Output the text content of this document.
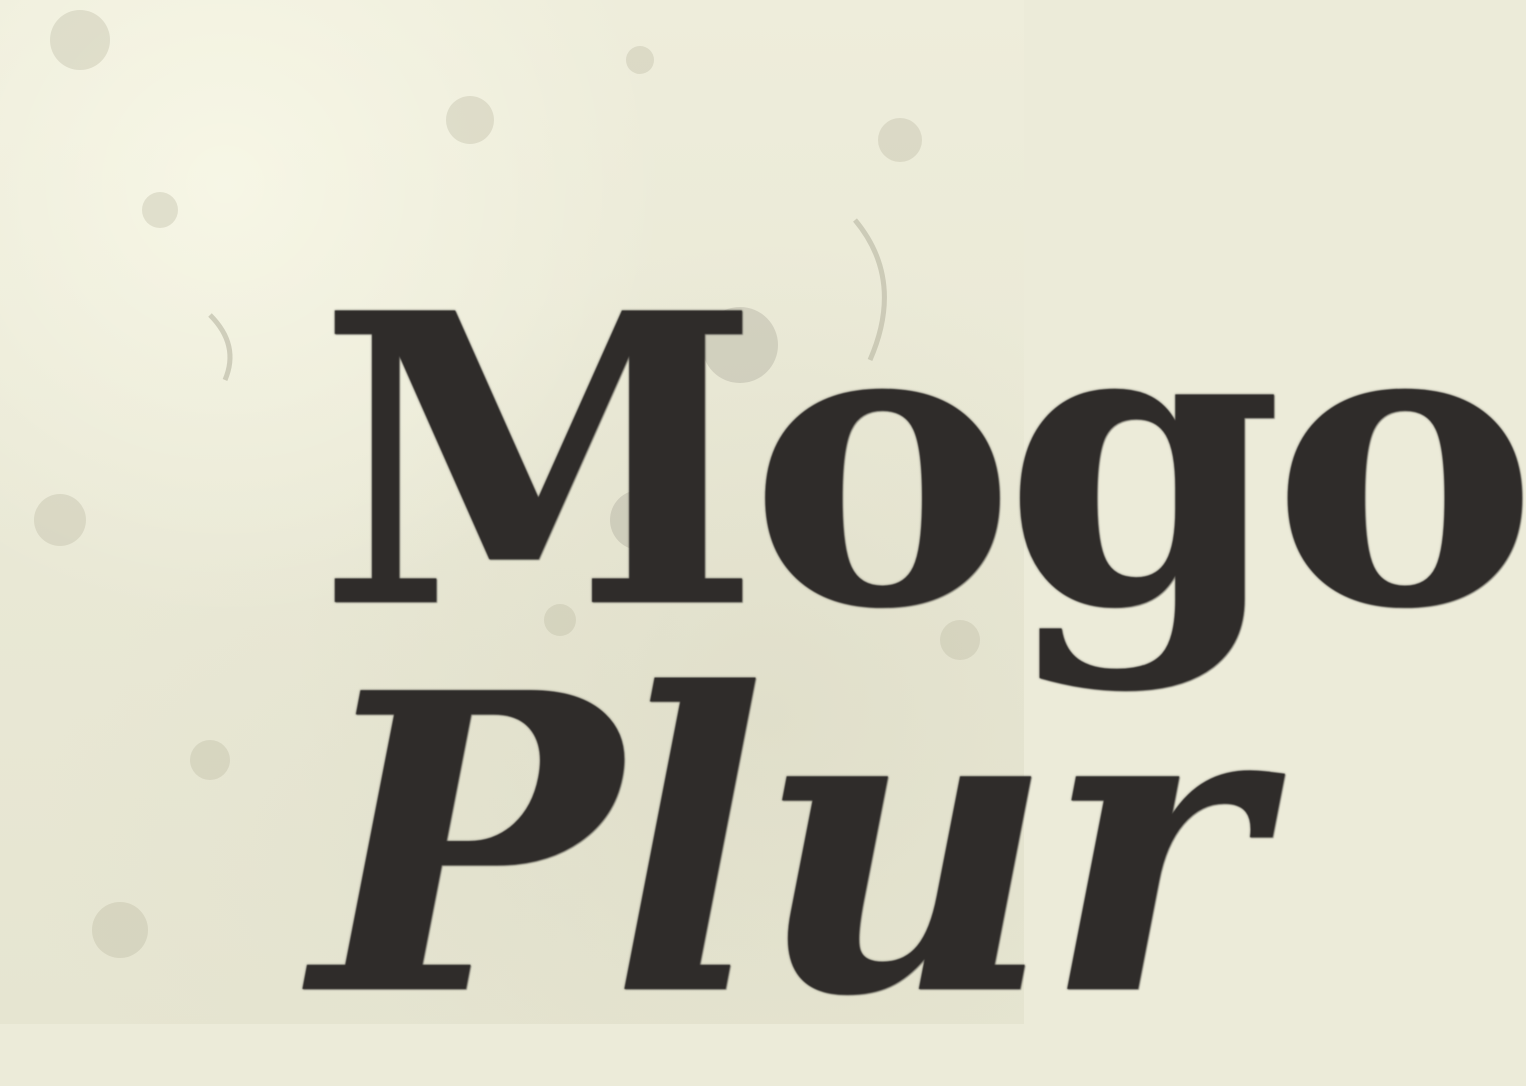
Mogo
Plur
